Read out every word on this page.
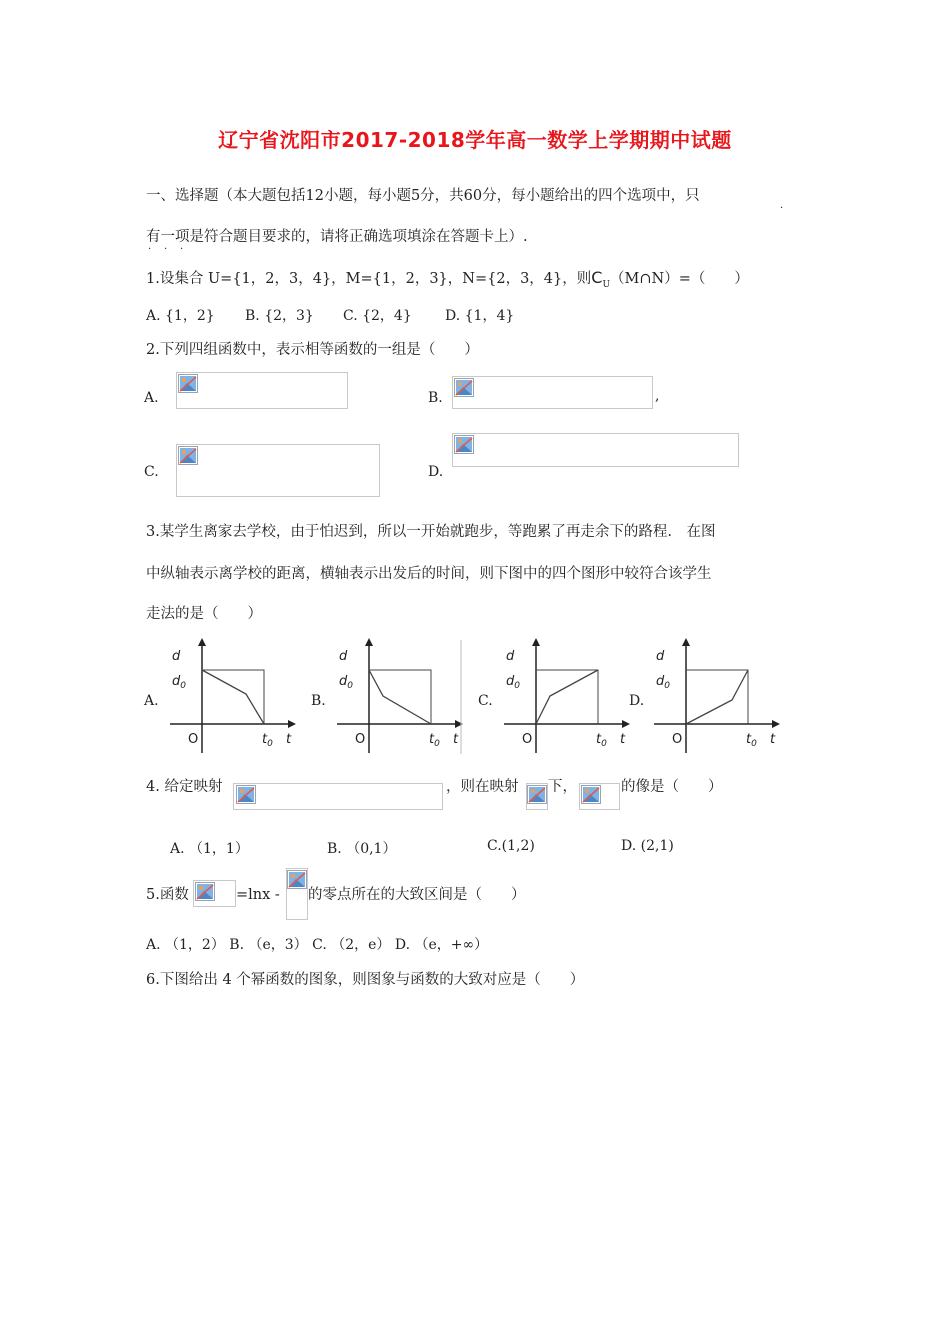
辽宁省沈阳市2017-2018学年高一数学上学期期中试题
一、选择题（本大题包括12小题，每小题5分，共60分，每小题给出的四个选项中，只
有一项是符合题目要求的，请将正确选项填涂在答题卡上）.
·
· · ·
1.设集合 U={1，2，3，4}，M={1，2，3}，N={2，3，4}，则$C_U(M\cap N)=$（　　）
A. {1，2} B. {2，3} C. {2，4} D. {1，4}
2.下列四组函数中，表示相等函数的一组是（　　）
A.	B.	,
C.	D.
3.某学生离家去学校，由于怕迟到，所以一开始就跑步，等跑累了再走余下的路程.　在图
中纵轴表示离学校的距离，横轴表示出发后的时间，则下图中的四个图形中较符合该学生
走法的是（　　）
A.	B.	C.	D.
d
$d_0$
O	$t_0$ t
d
$d_0$
O	$t_0$ t
d
$d_0$
O	$t_0$ t
d
$d_0$
O	$t_0$ t
4. 给定映射	，则在映射 下，	的像是（　　）
A. （1，1）	B. （0,1）	C.(1,2)	D. (2,1)
5.函数	=lnx - 的零点所在的大致区间是（　　）
A. （1，2） B. （e，3） C. （2，e） D. （e，+∞）
6.下图给出 4 个幂函数的图象，则图象与函数的大致对应是（　　）
